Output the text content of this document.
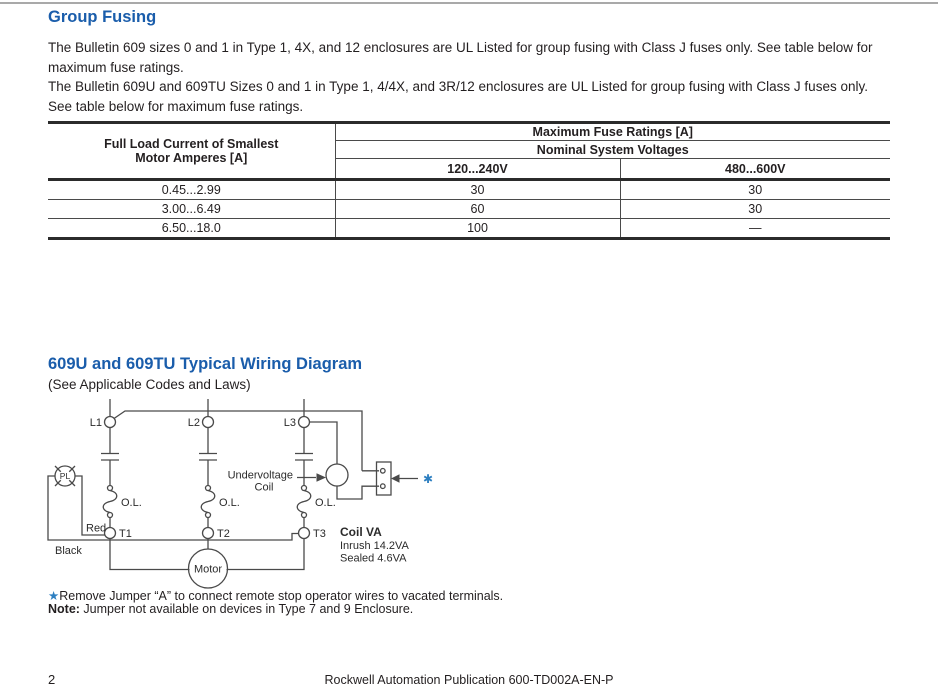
Group Fusing
The Bulletin 609 sizes 0 and 1 in Type 1, 4X, and 12 enclosures are UL Listed for group fusing with Class J fuses only. See table below for maximum fuse ratings.
The Bulletin 609U and 609TU Sizes 0 and 1 in Type 1, 4/4X, and 3R/12 enclosures are UL Listed for group fusing with Class J fuses only. See table below for maximum fuse ratings.
Full Load Current of Smallest
Motor Amperes [A]	Maximum Fuse Ratings [A]	
	Nominal System Voltages	
	120...240V	480...600V
0.45...2.99	30	30
3.00...6.49	60	30
6.50...18.0	100	—
609U and 609TU Typical Wiring Diagram
(See Applicable Codes and Laws)
L1
T1
O.L.
L2
T2
O.L.
L3
T3
O.L.
✱
Undervoltage
Coil
PL
Red
Black
Motor
Coil VA
Inrush 14.2VA
Sealed 4.6VA
★Remove Jumper “A” to connect remote stop operator wires to vacated terminals.
Note: Jumper not available on devices in Type 7 and 9 Enclosure.
2	Rockwell Automation Publication 600-TD002A-EN-P
